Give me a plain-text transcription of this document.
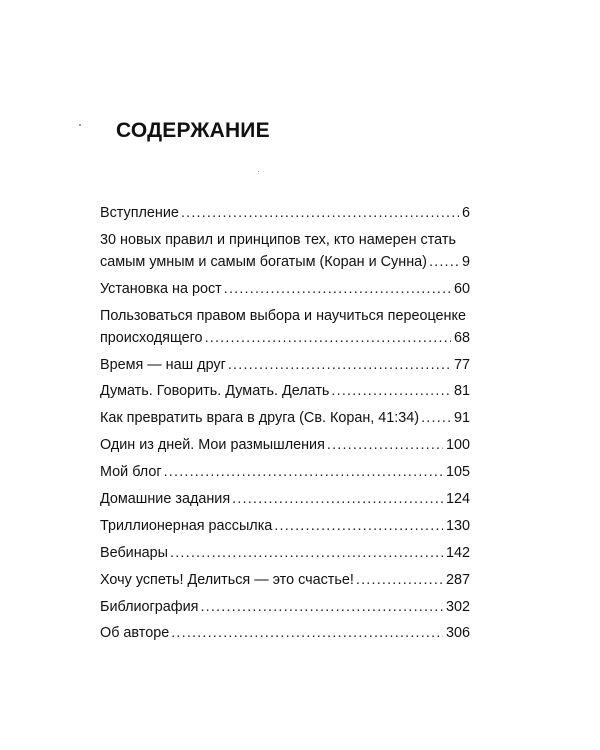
СОДЕРЖАНИЕ
Вступление .....	6
30 новых правил и принципов тех, кто намерен стать
самым умным и самым богатым (Коран и Сунна) ..... 9
Установка на рост .....	60
Пользоваться правом выбора и научиться переоценке
происходящего .....	68
Время — наш друг .....	77
Думать. Говорить. Думать. Делать .....	81
Как превратить врага в друга (Св. Коран, 41:34) ..... 91
Один из дней. Мои размышления .....	100
Мой блог .....	105
Домашние задания .....	124
Триллионерная рассылка .....	130
Вебинары .....	142
Хочу успеть! Делиться — это счастье! .....	287
Библиография .....	302
Об авторе .....	306
